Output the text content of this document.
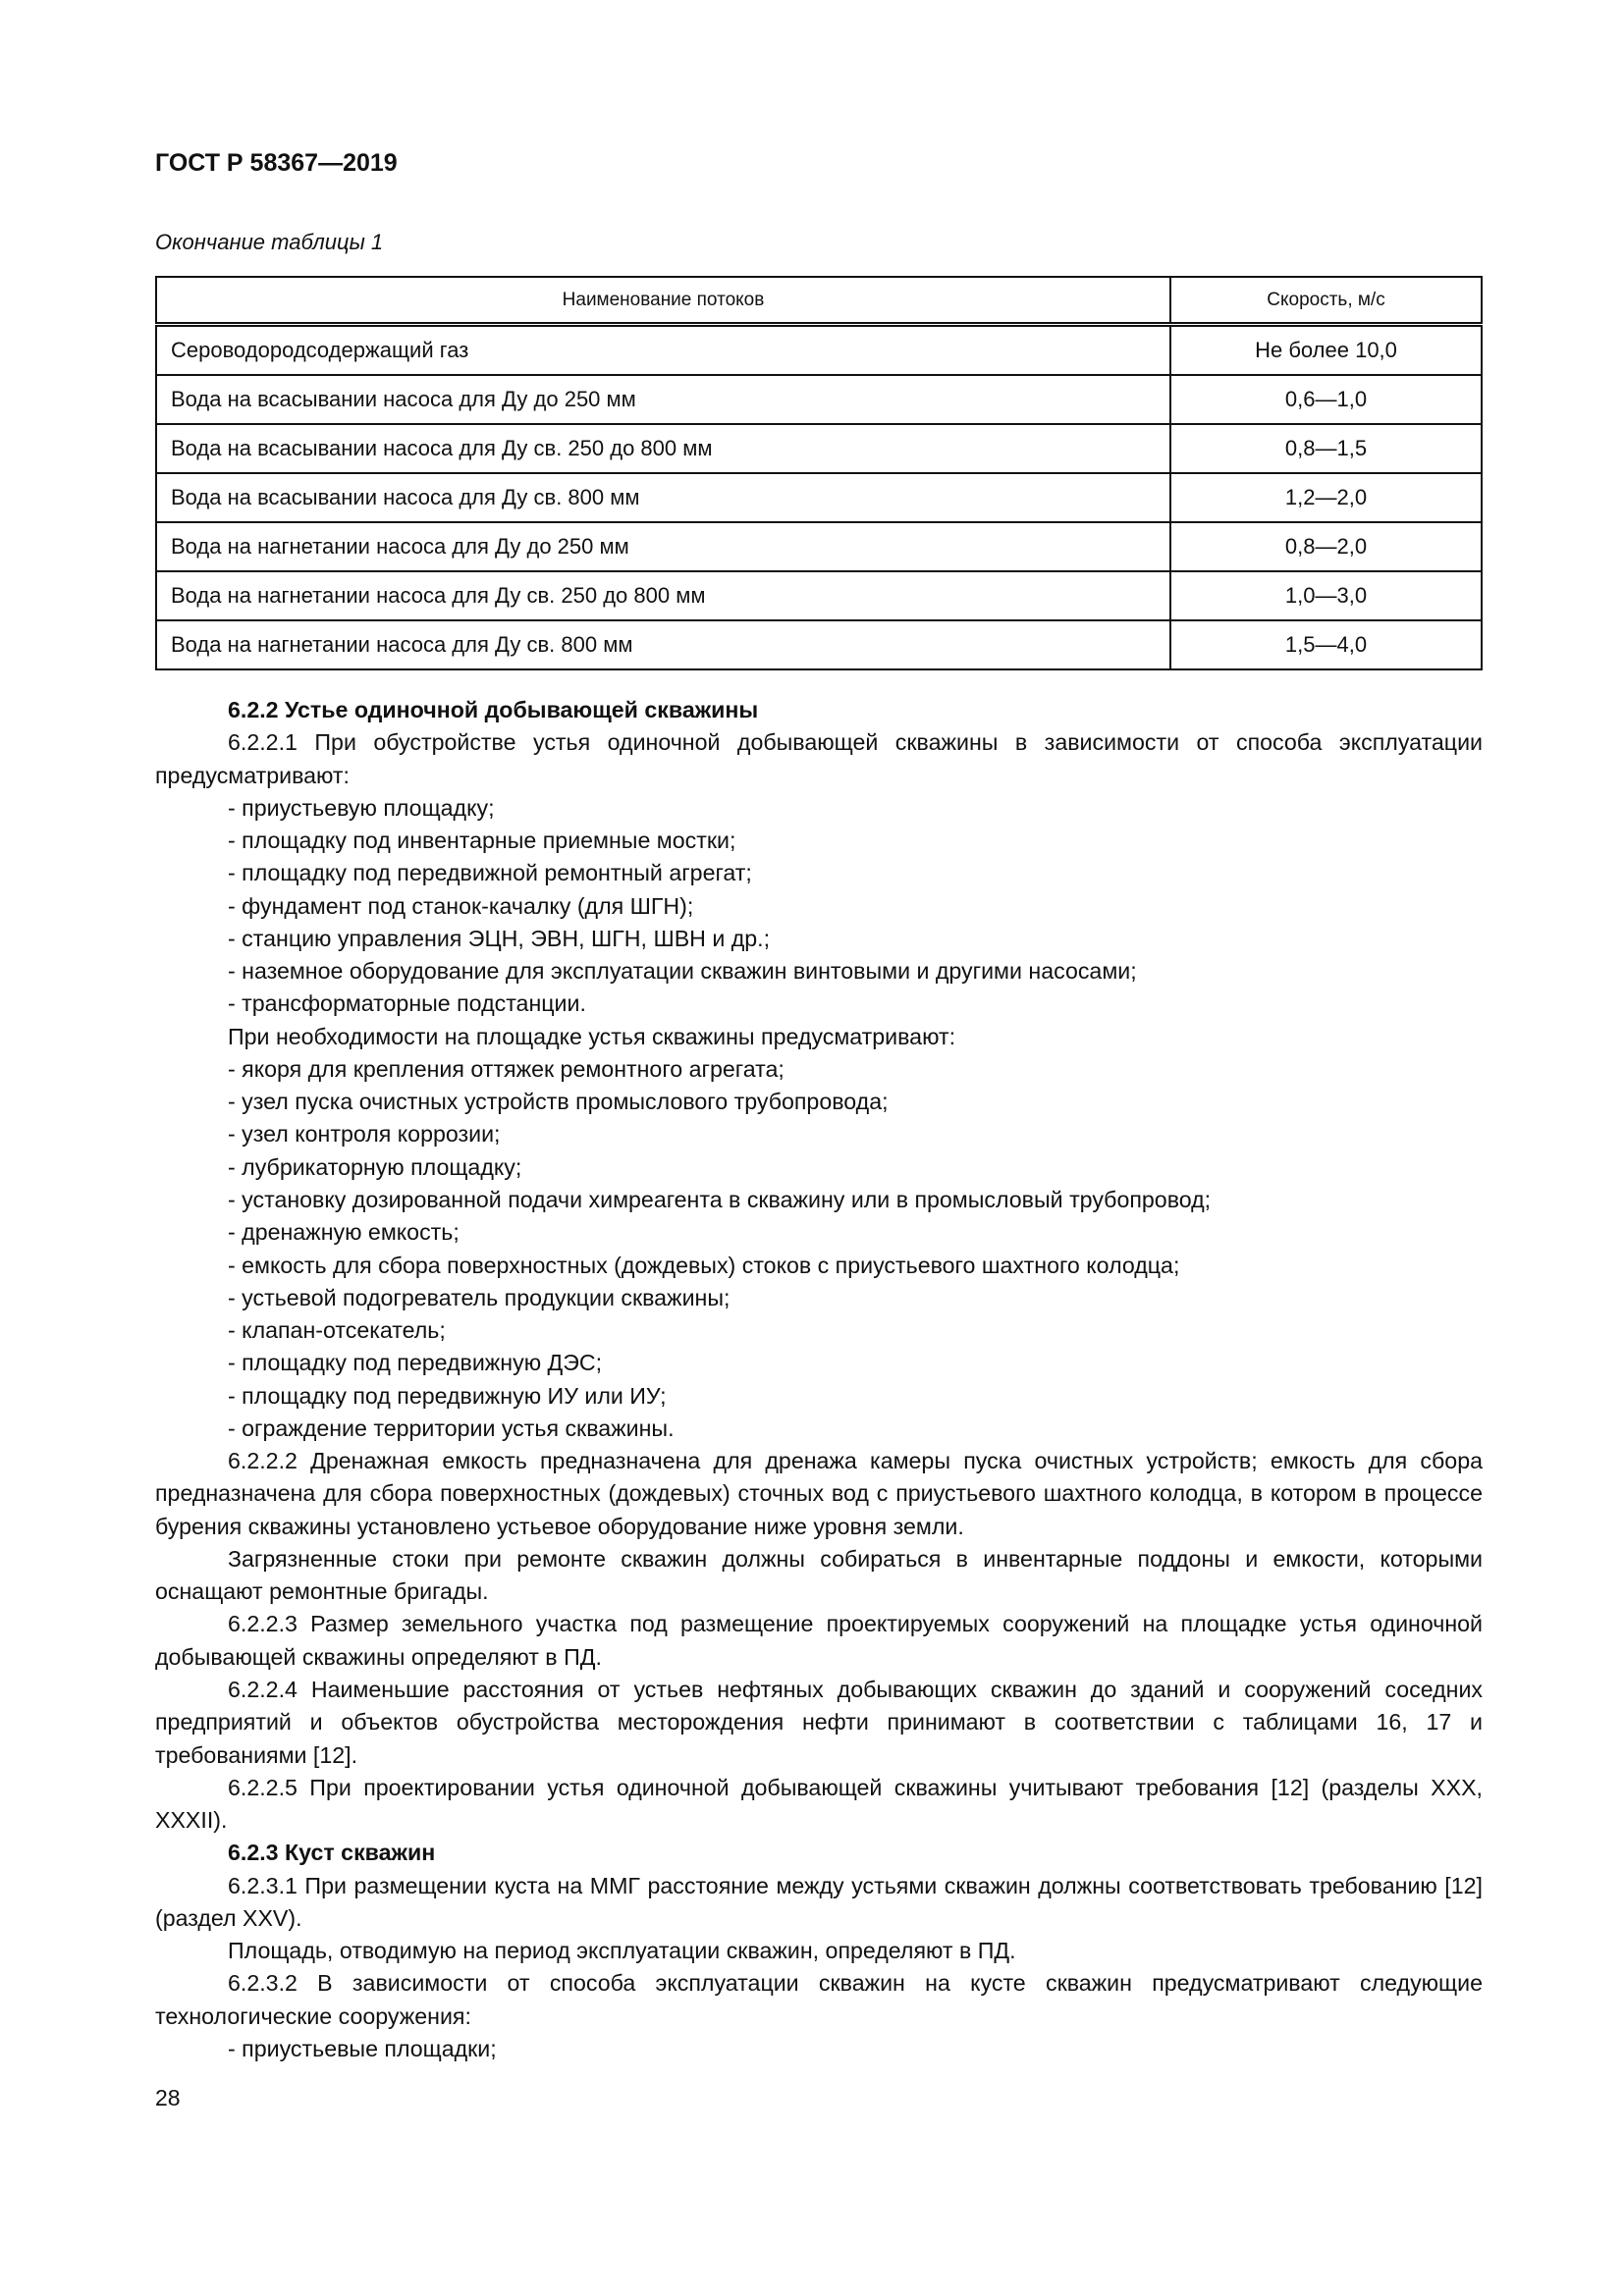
ГОСТ Р 58367—2019
Окончание таблицы 1
Наименование потоков	Скорость, м/с
Сероводородсодержащий газ	Не более 10,0
Вода на всасывании насоса для Ду до 250 мм	0,6—1,0
Вода на всасывании насоса для Ду св. 250 до 800 мм	0,8—1,5
Вода на всасывании насоса для Ду св. 800 мм	1,2—2,0
Вода на нагнетании насоса для Ду до 250 мм	0,8—2,0
Вода на нагнетании насоса для Ду св. 250 до 800 мм	1,0—3,0
Вода на нагнетании насоса для Ду св. 800 мм	1,5—4,0

6.2.2 Устье одиночной добывающей скважины

6.2.2.1 При обустройстве устья одиночной добывающей скважины в зависимости от способа эксплуатации предусматривают:

- приустьевую площадку;

- площадку под инвентарные приемные мостки;

- площадку под передвижной ремонтный агрегат;

- фундамент под станок-качалку (для ШГН);

- станцию управления ЭЦН, ЭВН, ШГН, ШВН и др.;

- наземное оборудование для эксплуатации скважин винтовыми и другими насосами;

- трансформаторные подстанции.

При необходимости на площадке устья скважины предусматривают:

- якоря для крепления оттяжек ремонтного агрегата;

- узел пуска очистных устройств промыслового трубопровода;

- узел контроля коррозии;

- лубрикаторную площадку;

- установку дозированной подачи химреагента в скважину или в промысловый трубопровод;

- дренажную емкость;

- емкость для сбора поверхностных (дождевых) стоков с приустьевого шахтного колодца;

- устьевой подогреватель продукции скважины;

- клапан-отсекатель;

- площадку под передвижную ДЭС;

- площадку под передвижную ИУ или ИУ;

- ограждение территории устья скважины.

6.2.2.2 Дренажная емкость предназначена для дренажа камеры пуска очистных устройств; емкость для сбора предназначена для сбора поверхностных (дождевых) сточных вод с приустьевого шахтного колодца, в котором в процессе бурения скважины установлено устьевое оборудование ниже уровня земли.

Загрязненные стоки при ремонте скважин должны собираться в инвентарные поддоны и емкости, которыми оснащают ремонтные бригады.

6.2.2.3 Размер земельного участка под размещение проектируемых сооружений на площадке устья одиночной добывающей скважины определяют в ПД.

6.2.2.4 Наименьшие расстояния от устьев нефтяных добывающих скважин до зданий и сооружений соседних предприятий и объектов обустройства месторождения нефти принимают в соответствии с таблицами 16, 17 и требованиями [12].

6.2.2.5 При проектировании устья одиночной добывающей скважины учитывают требования [12] (разделы XXX, XXXII).

6.2.3 Куст скважин

6.2.3.1 При размещении куста на ММГ расстояние между устьями скважин должны соответствовать требованию [12] (раздел XXV).

Площадь, отводимую на период эксплуатации скважин, определяют в ПД.

6.2.3.2 В зависимости от способа эксплуатации скважин на кусте скважин предусматривают следующие технологические сооружения:

- приустьевые площадки;

28
